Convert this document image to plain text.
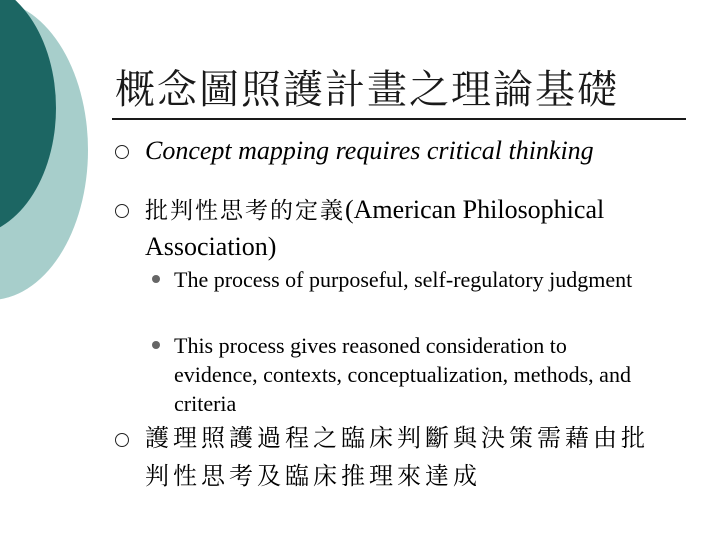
概念圖照護計畫之理論基礎
Concept mapping requires critical thinking
批判性思考的定義(American Philosophical Association)
The process of purposeful, self-regulatory judgment
This process gives reasoned consideration to evidence, contexts, conceptualization, methods, and criteria
護理照護過程之臨床判斷與決策需藉由批判性思考及臨床推理來達成
